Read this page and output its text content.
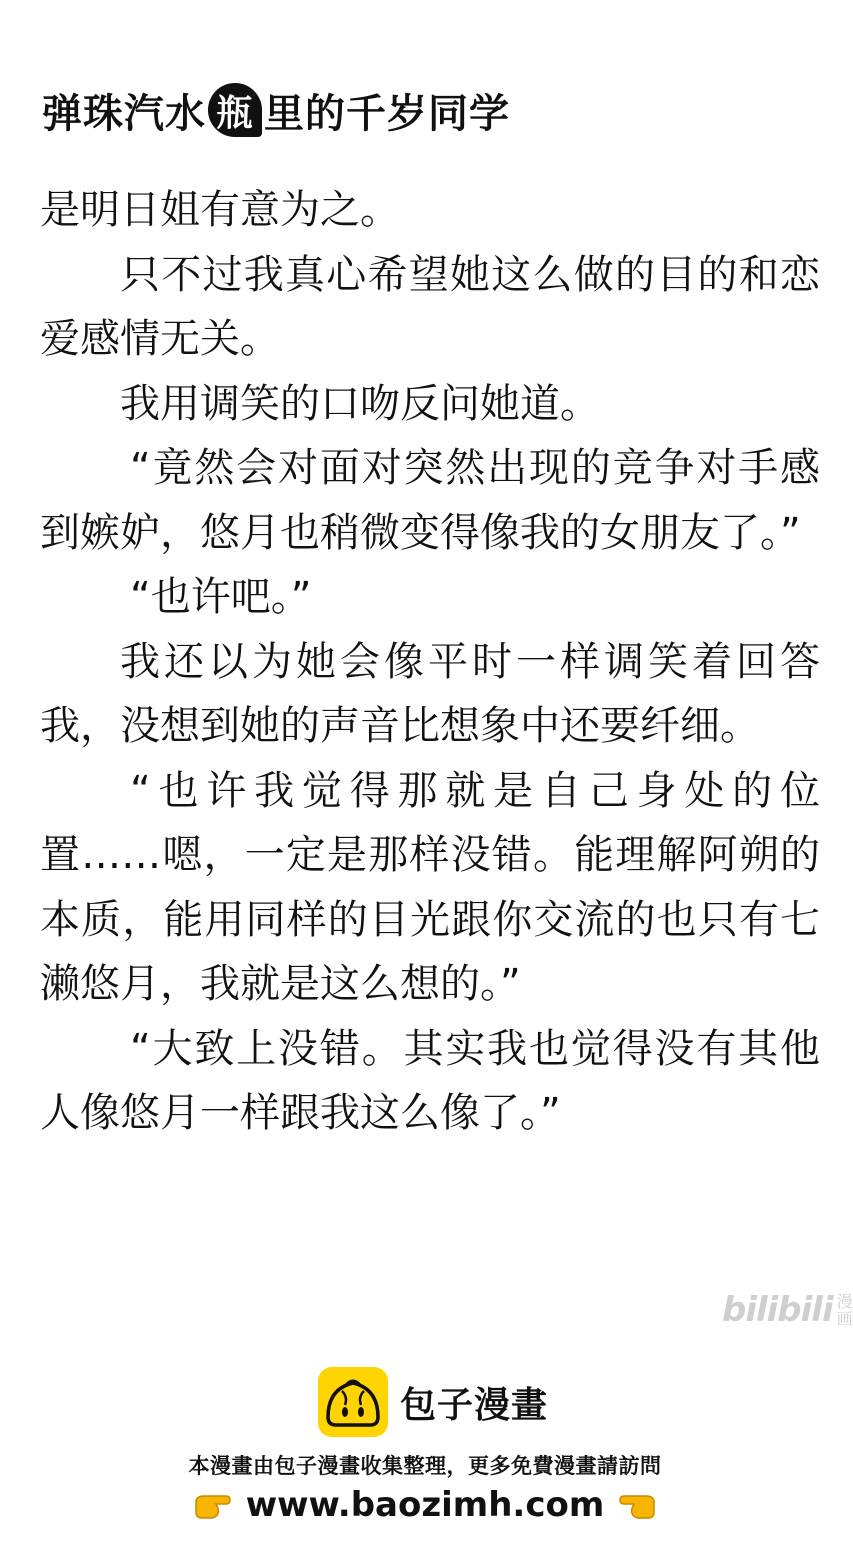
弹珠汽水 瓶 里的千岁同学

是明日姐有意为之。

只不过我真心希望她这么做的目的和恋爱感情无关。

我用调笑的口吻反问她道。

“竟然会对面对突然出现的竞争对手感到嫉妒，悠月也稍微变得像我的女朋友了。”

“也许吧。”

我还以为她会像平时一样调笑着回答我，没想到她的声音比想象中还要纤细。

“也许我觉得那就是自己身处的位置……嗯，一定是那样没错。能理解阿朔的本质，能用同样的目光跟你交流的也只有七濑悠月，我就是这么想的。”

“大致上没错。其实我也觉得没有其他人像悠月一样跟我这么像了。”

bilibili 漫
画
包子漫畫
本漫畫由包子漫畫收集整理，更多免費漫畫請訪問
www.baozimh.com
